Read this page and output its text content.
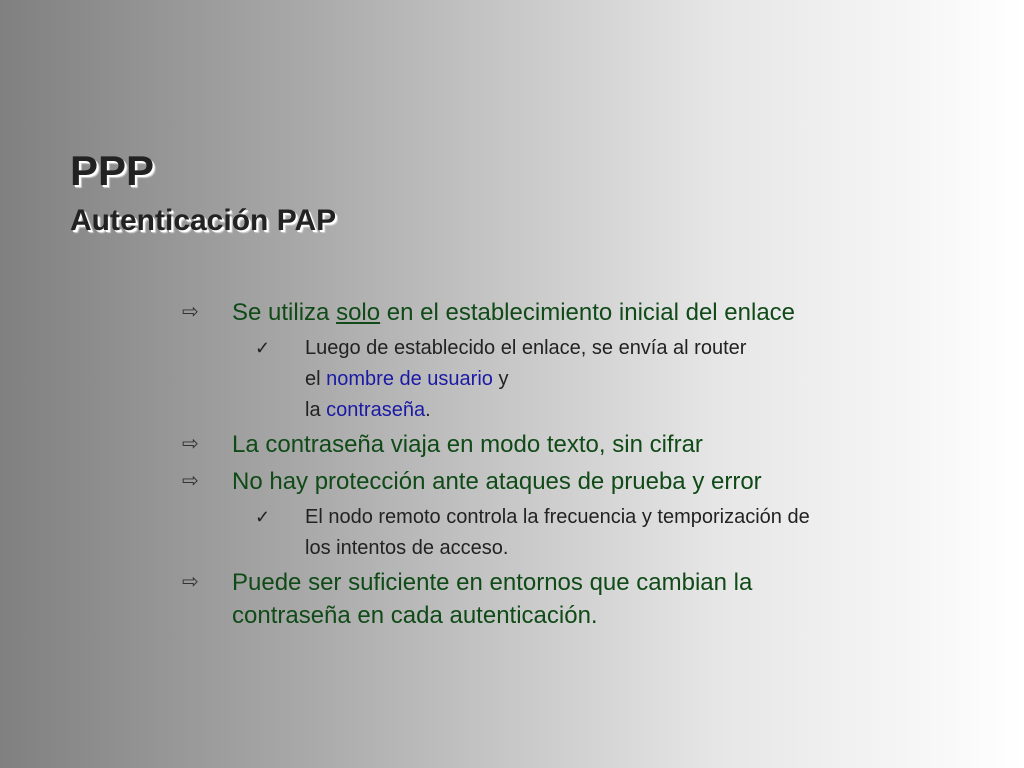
PPP
Autenticación PAP
⇨ Se utiliza solo en el establecimiento inicial del enlace
✓ Luego de establecido el enlace, se envía al router
el nombre de usuario y
la contraseña.
⇨ La contraseña viaja en modo texto, sin cifrar
⇨ No hay protección ante ataques de prueba y error
✓ El nodo remoto controla la frecuencia y temporización de
los intentos de acceso.
⇨ Puede ser suficiente en entornos que cambian la
contraseña en cada autenticación.
